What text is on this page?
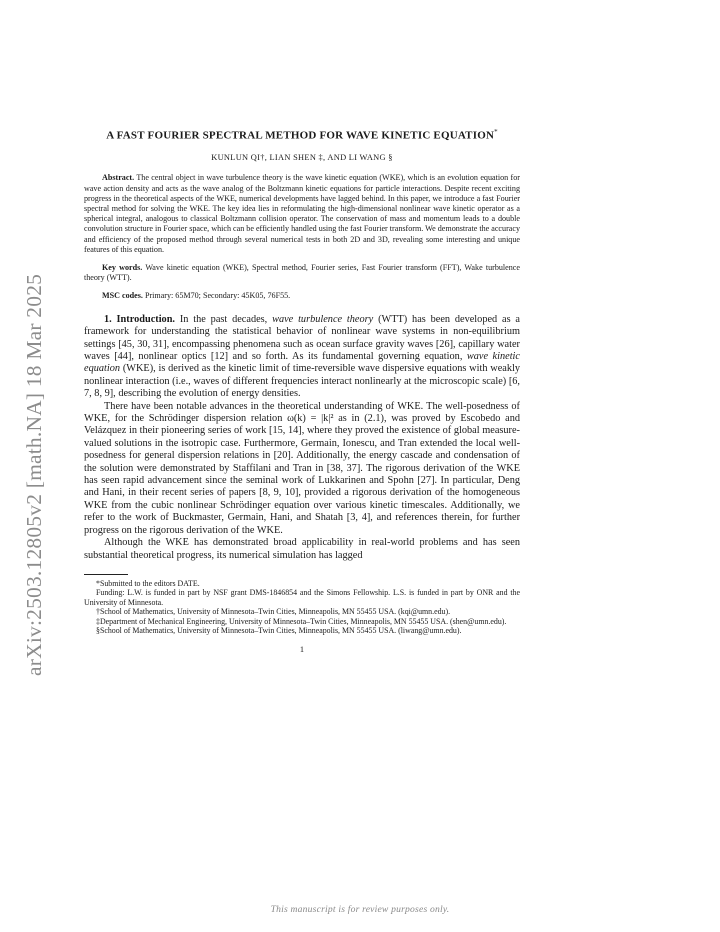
arXiv:2503.12805v2 [math.NA] 18 Mar 2025
A FAST FOURIER SPECTRAL METHOD FOR WAVE KINETIC EQUATION*
KUNLUN QI†, LIAN SHEN ‡, AND LI WANG §
Abstract. The central object in wave turbulence theory is the wave kinetic equation (WKE), which is an evolution equation for wave action density and acts as the wave analog of the Boltzmann kinetic equations for particle interactions. Despite recent exciting progress in the theoretical aspects of the WKE, numerical developments have lagged behind. In this paper, we introduce a fast Fourier spectral method for solving the WKE. The key idea lies in reformulating the high-dimensional nonlinear wave kinetic operator as a spherical integral, analogous to classical Boltzmann collision operator. The conservation of mass and momentum leads to a double convolution structure in Fourier space, which can be efficiently handled using the fast Fourier transform. We demonstrate the accuracy and efficiency of the proposed method through several numerical tests in both 2D and 3D, revealing some interesting and unique features of this equation.
Key words. Wave kinetic equation (WKE), Spectral method, Fourier series, Fast Fourier transform (FFT), Wake turbulence theory (WTT).
MSC codes. Primary: 65M70; Secondary: 45K05, 76F55.

1. Introduction. In the past decades, wave turbulence theory (WTT) has been developed as a framework for understanding the statistical behavior of nonlinear wave systems in non-equilibrium settings [45, 30, 31], encompassing phenomena such as ocean surface gravity waves [26], capillary water waves [44], nonlinear optics [12] and so forth. As its fundamental governing equation, wave kinetic equation (WKE), is derived as the kinetic limit of time-reversible wave dispersive equations with weakly nonlinear interaction (i.e., waves of different frequencies interact nonlinearly at the microscopic scale) [6, 7, 8, 9], describing the evolution of energy densities.

There have been notable advances in the theoretical understanding of WKE. The well-posedness of WKE, for the Schrödinger dispersion relation ω(k) = |k|² as in (2.1), was proved by Escobedo and Velázquez in their pioneering series of work [15, 14], where they proved the existence of global measure-valued solutions in the isotropic case. Furthermore, Germain, Ionescu, and Tran extended the local well-posedness for general dispersion relations in [20]. Additionally, the energy cascade and condensation of the solution were demonstrated by Staffilani and Tran in [38, 37]. The rigorous derivation of the WKE has seen rapid advancement since the seminal work of Lukkarinen and Spohn [27]. In particular, Deng and Hani, in their recent series of papers [8, 9, 10], provided a rigorous derivation of the homogeneous WKE from the cubic nonlinear Schrödinger equation over various kinetic timescales. Additionally, we refer to the work of Buckmaster, Germain, Hani, and Shatah [3, 4], and references therein, for further progress on the rigorous derivation of the WKE.

Although the WKE has demonstrated broad applicability in real-world problems and has seen substantial theoretical progress, its numerical simulation has lagged

*Submitted to the editors DATE.

Funding: L.W. is funded in part by NSF grant DMS-1846854 and the Simons Fellowship. L.S. is funded in part by ONR and the University of Minnesota.

†School of Mathematics, University of Minnesota–Twin Cities, Minneapolis, MN 55455 USA. (kqi@umn.edu).

‡Department of Mechanical Engineering, University of Minnesota–Twin Cities, Minneapolis, MN 55455 USA. (shen@umn.edu).

§School of Mathematics, University of Minnesota–Twin Cities, Minneapolis, MN 55455 USA. (liwang@umn.edu).

1
This manuscript is for review purposes only.
